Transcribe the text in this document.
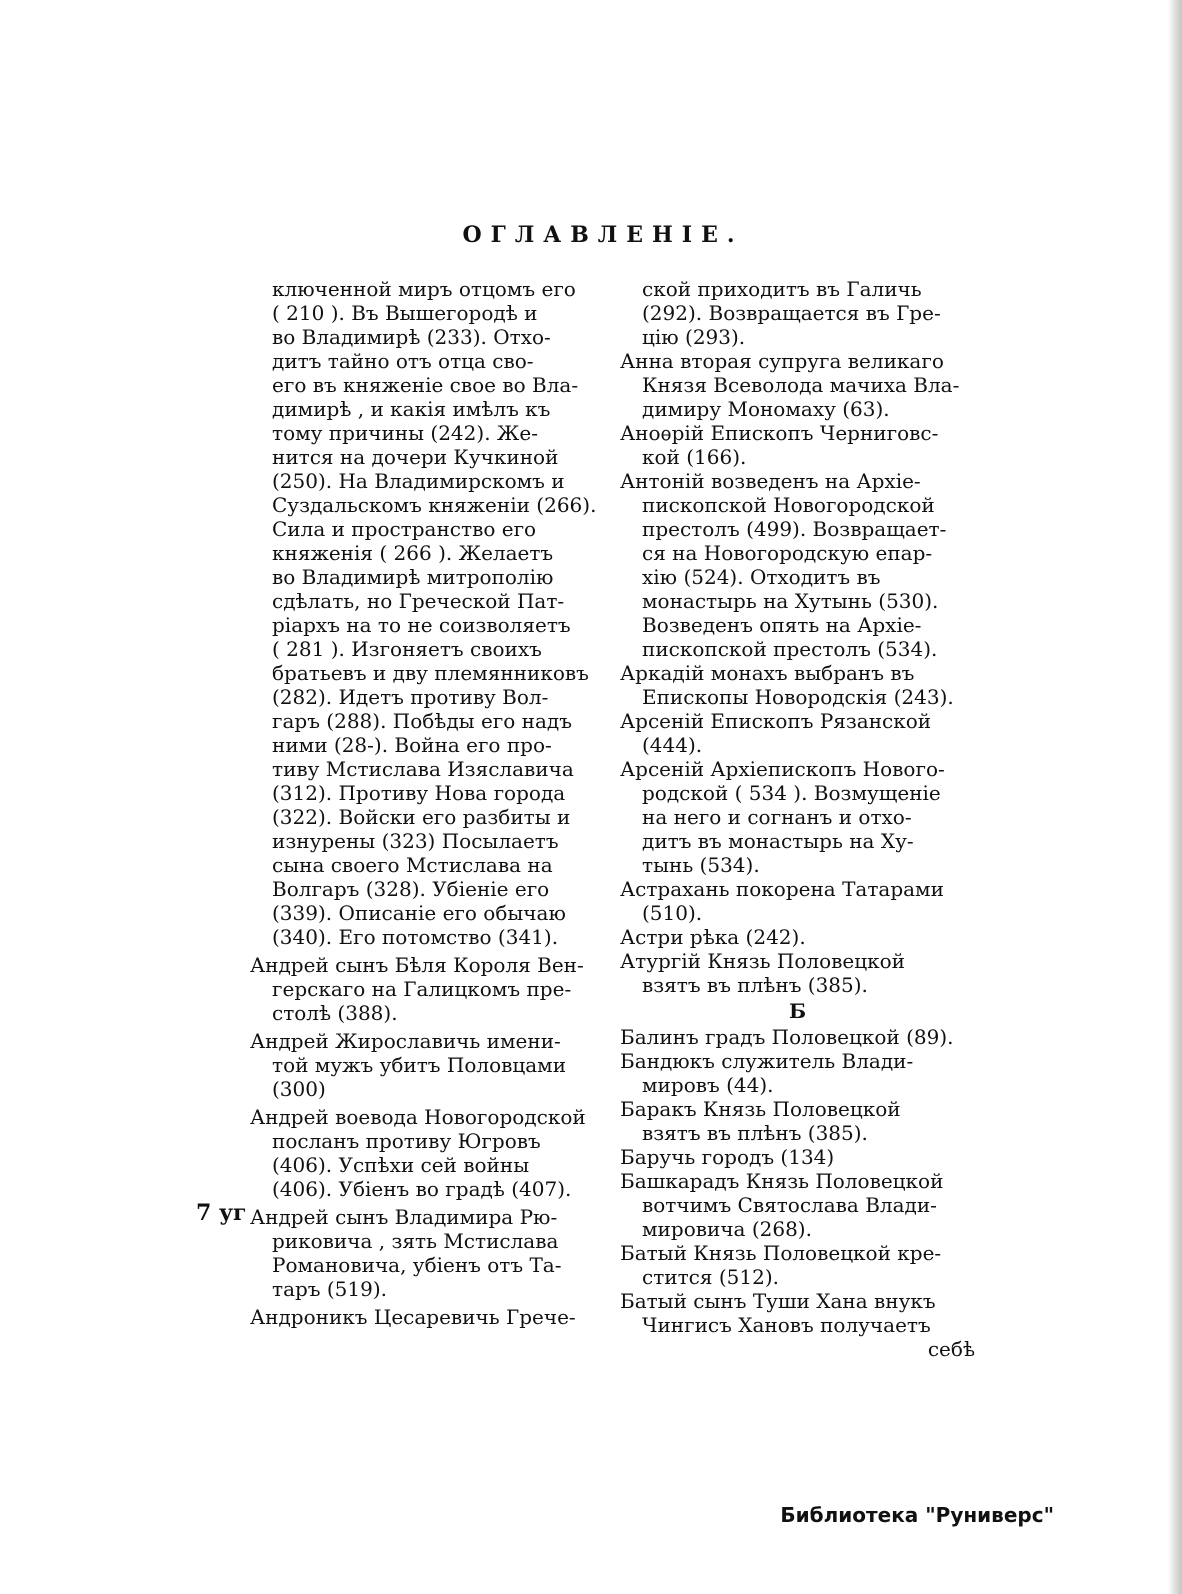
ОГЛАВЛЕНІЕ.

ключенной миръ отцомъ его
( 210 ). Въ Вышегородѣ и
во Владимирѣ (233). Отхо-
дитъ тайно отъ отца сво-
его въ княженіе свое во Вла-
димирѣ , и какія имѣлъ къ
тому причины (242). Же-
нится на дочери Кучкиной
(250). На Владимирскомъ и
Суздальскомъ княженіи (266).
Сила и пространство его
княженія ( 266 ). Желаетъ
во Владимирѣ митрополію
сдѣлать, но Греческой Пат-
ріархъ на то не соизволяетъ
( 281 ). Изгоняетъ своихъ
братьевъ и дву племянниковъ
(282). Идетъ противу Вол-
гаръ (288). Побѣды его надъ
ними (28-). Война его про-
тиву Мстислава Изяславича
(312). Противу Нова города
(322). Войски его разбиты и
изнурены (323) Посылаетъ
сына своего Мстислава на
Волгаръ (328). Убіеніе его
(339). Описаніе его обычаю
(340). Его потомство (341).

Андрей сынъ Бѣля Короля Вен-
герскаго на Галицкомъ пре-
столѣ (388).

Андрей Жирославичь имени-
той мужъ убитъ Половцами
(300)

Андрей воевода Новогородской
посланъ противу Югровъ
(406). Успѣхи сей войны
(406). Убіенъ во градѣ (407).

Андрей сынъ Владимира Рю-
риковича , зять Мстислава
Романовича, убіенъ отъ Та-
таръ (519).

Андроникъ Цесаревичь Грече-

7 уг

ской приходитъ въ Галичь
(292). Возвращается въ Гре-
цію (293).

Анна вторая супруга великаго
Князя Всеволода мачиха Вла-
димиру Мономаху (63).

Аноѳрій Епископъ Черниговс-
кой (166).

Антоній возведенъ на Архіе-
пископской Новогородской
престолъ (499). Возвращает-
ся на Новогородскую епар-
хію (524). Отходитъ въ
монастырь на Хутынь (530).
Возведенъ опять на Архіе-
пископской престолъ (534).

Аркадій монахъ выбранъ въ
Епископы Новородскія (243).

Арсеній Епископъ Рязанской
(444).

Арсеній Архіепископъ Нового-
родской ( 534 ). Возмущеніе
на него и согнанъ и отхо-
дитъ въ монастырь на Ху-
тынь (534).

Астрахань покорена Татарами
(510).

Астри рѣка (242).

Атургій Князь Половецкой
взятъ въ плѣнъ (385).

Б

Балинъ градъ Половецкой (89).

Бандюкъ служитель Влади-
мировъ (44).

Баракъ Князь Половецкой
взятъ въ плѣнъ (385).

Баручь городъ (134)

Башкарадъ Князь Половецкой
вотчимъ Святослава Влади-
мировича (268).

Батый Князь Половецкой кре-
стится (512).

Батый сынъ Туши Хана внукъ
Чингисъ Хановъ получаетъ

себѣ

Библиотека "Руниверс"
